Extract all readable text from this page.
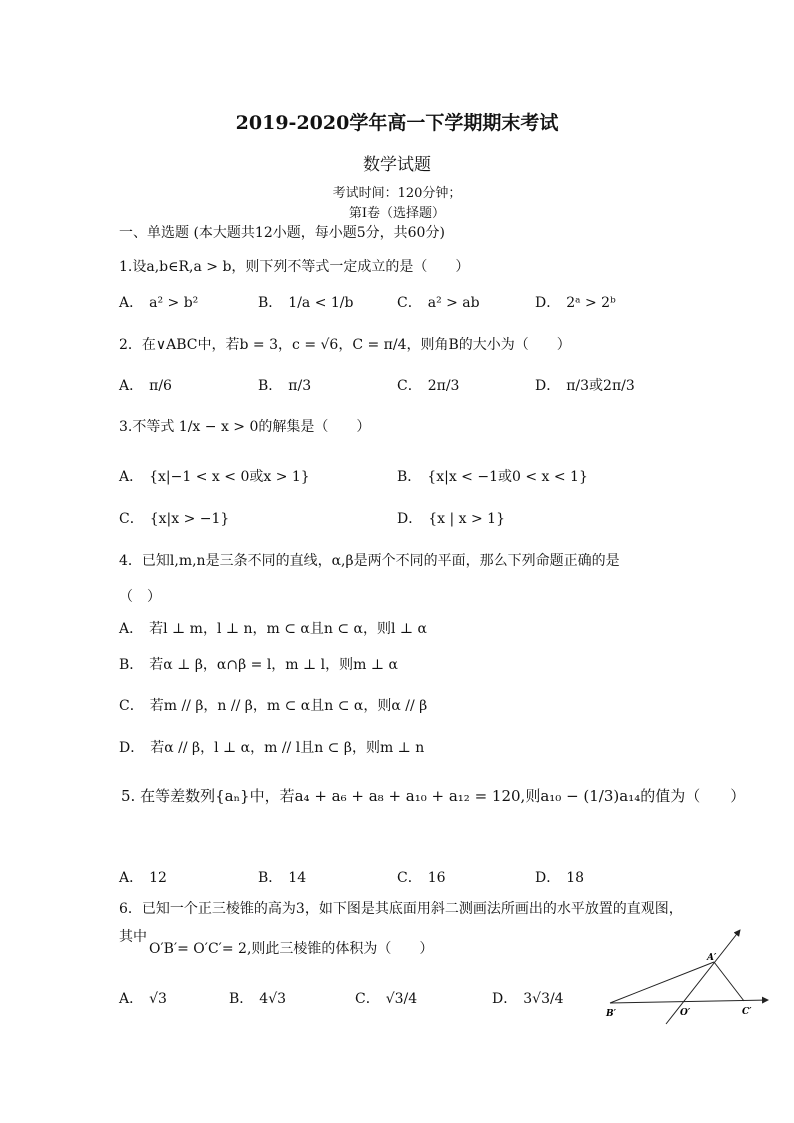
2019-2020学年高一下学期期末考试
数学试题
考试时间：120分钟；
第I卷（选择题）
一、单选题 (本大题共12小题，每小题5分，共60分)
1.设a,b∈R,a > b，则下列不等式一定成立的是（　　）
A． a² > b²	B． 1/a < 1/b	C． a² > ab	D． 2ᵃ > 2ᵇ
2．在∨ABC中，若b = 3，c = √6，C = π/4，则角B的大小为（　　）
A． π/6	B． π/3	C． 2π/3	D． π/3或2π/3
3.不等式 1/x − x > 0的解集是（　　）
A． {x|−1 < x < 0或x > 1}	B． {x|x < −1或0 < x < 1}
C． {x|x > −1}	D． {x | x > 1}
4．已知l,m,n是三条不同的直线，α,β是两个不同的平面，那么下列命题正确的是
（　）
A． 若l ⊥ m，l ⊥ n，m ⊂ α且n ⊂ α，则l ⊥ α
B． 若α ⊥ β，α∩β = l，m ⊥ l，则m ⊥ α
C． 若m // β，n // β，m ⊂ α且n ⊂ α，则α // β
D． 若α // β，l ⊥ α，m // l且n ⊂ β，则m ⊥ n
5. 在等差数列{aₙ}中，若a₄ + a₆ + a₈ + a₁₀ + a₁₂ = 120,则a₁₀ − (1/3)a₁₄的值为（　　）
A． 12	B． 14	C． 16	D． 18
6．已知一个正三棱锥的高为3，如下图是其底面用斜二测画法所画出的水平放置的直观图，
其中
O′B′= O′C′= 2,则此三棱锥的体积为（　　）
A． √3	B． 4√3	C． √3/4	D． 3√3/4
A′
B′	O′	C′
